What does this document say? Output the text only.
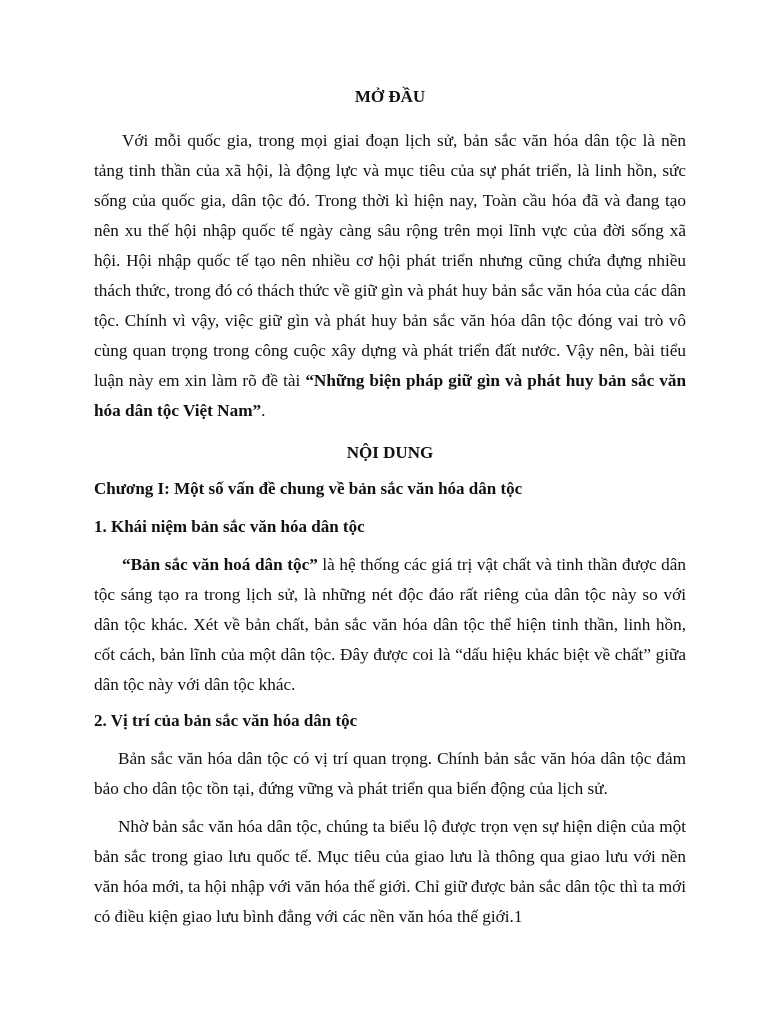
MỞ ĐẦU

Với mỗi quốc gia, trong mọi giai đoạn lịch sử, bản sắc văn hóa dân tộc là nền tảng tinh thần của xã hội, là động lực và mục tiêu của sự phát triển, là linh hồn, sức sống của quốc gia, dân tộc đó. Trong thời kì hiện nay, Toàn cầu hóa đã và đang tạo nên xu thế hội nhập quốc tế ngày càng sâu rộng trên mọi lĩnh vực của đời sống xã hội. Hội nhập quốc tế tạo nên nhiều cơ hội phát triển nhưng cũng chứa đựng nhiều thách thức, trong đó có thách thức về giữ gìn và phát huy bản sắc văn hóa của các dân tộc. Chính vì vậy, việc giữ gìn và phát huy bản sắc văn hóa dân tộc đóng vai trò vô cùng quan trọng trong công cuộc xây dựng và phát triển đất nước. Vậy nên, bài tiểu luận này em xin làm rõ đề tài “Những biện pháp giữ gìn và phát huy bản sắc văn hóa dân tộc Việt Nam”.

NỘI DUNG
Chương I: Một số vấn đề chung về bản sắc văn hóa dân tộc
1. Khái niệm bản sắc văn hóa dân tộc

“Bản sắc văn hoá dân tộc” là hệ thống các giá trị vật chất và tinh thần được dân tộc sáng tạo ra trong lịch sử, là những nét độc đáo rất riêng của dân tộc này so với dân tộc khác. Xét về bản chất, bản sắc văn hóa dân tộc thể hiện tinh thần, linh hồn, cốt cách, bản lĩnh của một dân tộc. Đây được coi là “dấu hiệu khác biệt về chất” giữa dân tộc này với dân tộc khác.

2. Vị trí của bản sắc văn hóa dân tộc

Bản sắc văn hóa dân tộc có vị trí quan trọng. Chính bản sắc văn hóa dân tộc đảm bảo cho dân tộc tồn tại, đứng vững và phát triển qua biến động của lịch sử.

Nhờ bản sắc văn hóa dân tộc, chúng ta biểu lộ được trọn vẹn sự hiện diện của một bản sắc trong giao lưu quốc tế. Mục tiêu của giao lưu là thông qua giao lưu với nền văn hóa mới, ta hội nhập với văn hóa thế giới. Chỉ giữ được bản sắc dân tộc thì ta mới có điều kiện giao lưu bình đẳng với các nền văn hóa thế giới.1
